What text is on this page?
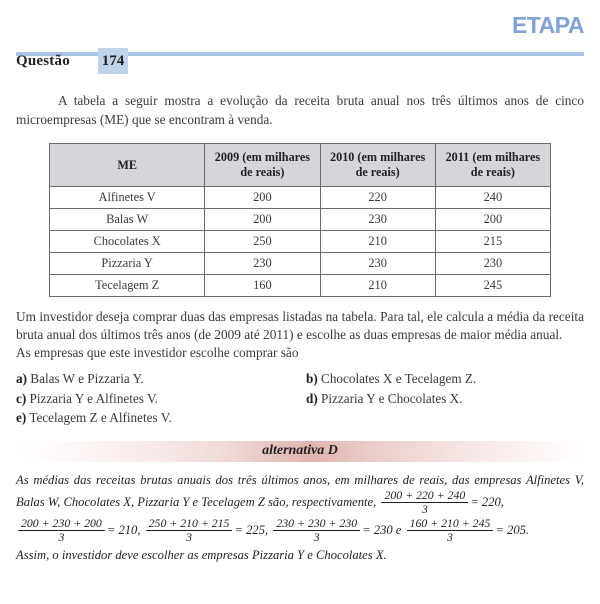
ETAPA
Questão 174

A tabela a seguir mostra a evolução da receita bruta anual nos três últimos anos de cinco microempresas (ME) que se encontram à venda.

ME	2009 (em milhares de reais)	2010 (em milhares de reais)	2011 (em milhares de reais)
Alfinetes V	200	220	240
Balas W	200	230	200
Chocolates X	250	210	215
Pizzaria Y	230	230	230
Tecelagem Z	160	210	245
Um investidor deseja comprar duas das empresas listadas na tabela. Para tal, ele calcula a média da receita bruta anual dos últimos três anos (de 2009 até 2011) e escolhe as duas empresas de maior média anual.
As empresas que este investidor escolhe comprar são
a) Balas W e Pizzaria Y.	b) Chocolates X e Tecelagem Z.
c) Pizzaria Y e Alfinetes V.	d) Pizzaria Y e Chocolates X.
e) Tecelagem Z e Alfinetes V.
alternativa D
As médias das receitas brutas anuais dos três últimos anos, em milhares de reais, das empresas Alfinetes V, Balas W, Chocolates X, Pizzaria Y e Tecelagem Z são, respectivamente, $\frac{200 + 220 + 240}{3} = 220$,
$\frac{200 + 230 + 200}{3} = 210$, $\frac{250 + 210 + 215}{3} = 225$, $\frac{230 + 230 + 230}{3} = 230$ e $\frac{160 + 210 + 245}{3} = 205$.
Assim, o investidor deve escolher as empresas Pizzaria Y e Chocolates X.
